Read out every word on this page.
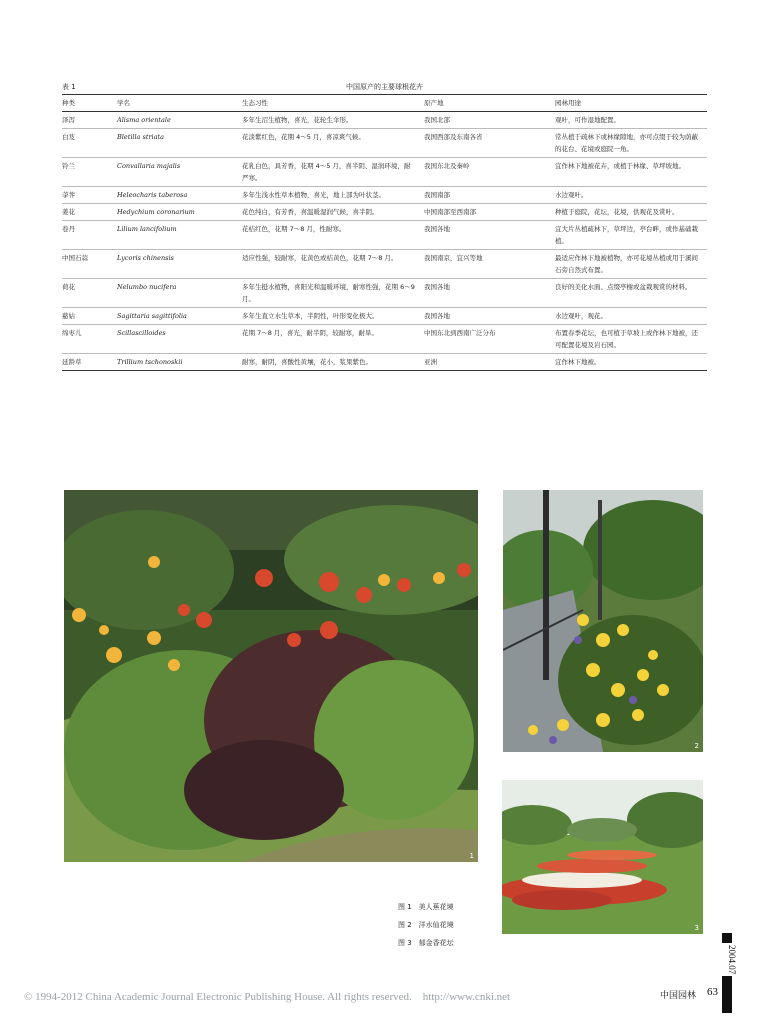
表 1	中国原产的主要球根花卉
种类	学名	生态习性	原产地	园林用途
泽泻	Alisma orientale	多年生沼生植物，喜光，花轮生伞形。	我国北部	观叶，可作湿地配置。
白芨	Bletilla striata	花淡紫红色，花期 4～5 月，喜凉爽气候。	我国西部及东南各省	常丛植于疏林下或林缘隙地，亦可点缀于较为荫蔽的花台、花境或庭院一角。
铃兰	Convallaria majalis	花乳白色，具芳香，花期 4～5 月，喜半阴、湿润环境，耐严寒。	我国东北及秦岭	宜作林下地被花卉，或植于林缘、草坪坡地。
荸荠	Heleocharis taberosa	多年生浅水性草本植物，喜光，地上部为叶状茎。	我国南部	水边观叶。
姜花	Hedychium coronarium	花色纯白，有芳香，喜温暖湿润气候，喜半阴。	中国南部至西南部	种植于庭院，花坛，花境，供观花及赏叶。
卷丹	Lilium lancifolium	花桔红色，花期 7～8 月，性耐寒。	我国各地	宜大片丛植疏林下，草坪边，亭台畔，或作基础栽植。
中国石蒜	Lycoris chinensis	适应性强，较耐寒，花黄色或桔黄色，花期 7～8 月。	我国南京，宜兴等地	最适应作林下地被植物，亦可花境丛植或用于溪间石旁自然式布置。
荷花	Nelumbo nucifera	多年生挺水植物，喜阳光和温暖环境，耐寒性强，花期 6～9 月。	我国各地	良好的美化水面、点缀亭榭或盆栽观赏的材料。
慈姑	Sagittaria sagittifolia	多年生直立水生草本，半阴性，叶形变化极大。	我国各地	水边观叶，观花。
绵枣儿	Scillascilloides	花期 7～8 月，喜光，耐半阴，较耐寒，耐旱。	中国东北到西南广泛分布	布置春季花坛，也可植于草坡上或作林下地被，还可配置花境及岩石园。
延龄草	Trillium tschonoskii	耐寒，耐阴，喜酸性黄壤，花小，浆果紫色。	亚洲	宜作林下地被。
1
2
3
图 1　美人蕉花境
图 2　洋水仙花境
图 3　郁金香花坛
© 1994-2012 China Academic Journal Electronic Publishing House. All rights reserved.　http://www.cnki.net	中国园林 63
2004.07
